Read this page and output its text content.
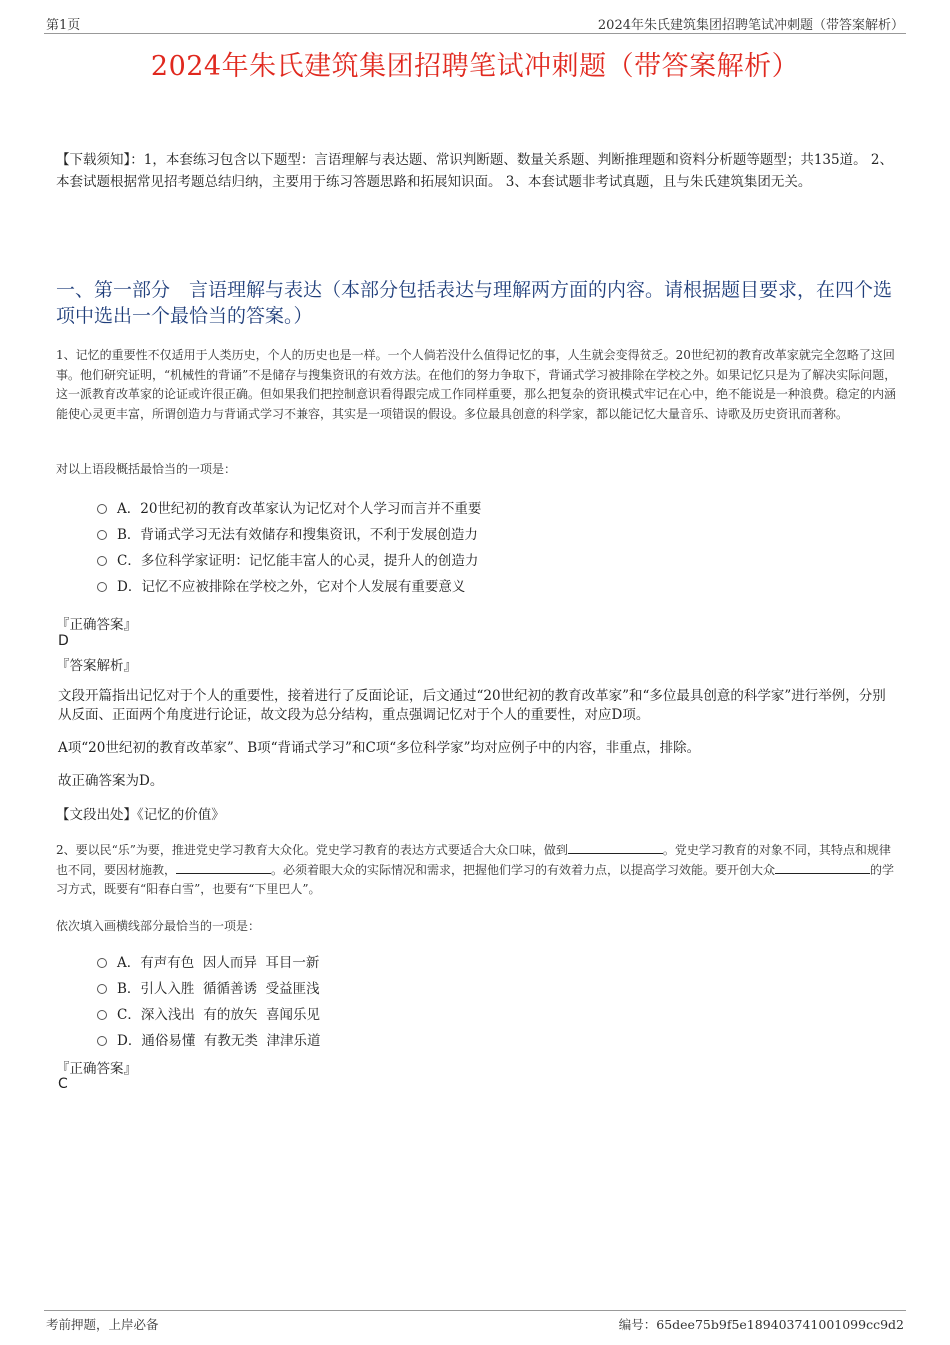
第1页	2024年朱氏建筑集团招聘笔试冲刺题（带答案解析）
2024年朱氏建筑集团招聘笔试冲刺题（带答案解析）
【下载须知】：1，本套练习包含以下题型：言语理解与表达题、常识判断题、数量关系题、判断推理题和资料分析题等题型；共135道。 2、本套试题根据常见招考题总结归纳，主要用于练习答题思路和拓展知识面。 3、本套试题非考试真题，且与朱氏建筑集团无关。
一、第一部分　言语理解与表达（本部分包括表达与理解两方面的内容。请根据题目要求，在四个选项中选出一个最恰当的答案。）
1、记忆的重要性不仅适用于人类历史，个人的历史也是一样。一个人倘若没什么值得记忆的事，人生就会变得贫乏。20世纪初的教育改革家就完全忽略了这回事。他们研究证明，“机械性的背诵”不是储存与搜集资讯的有效方法。在他们的努力争取下，背诵式学习被排除在学校之外。如果记忆只是为了解决实际问题，这一派教育改革家的论证或许很正确。但如果我们把控制意识看得跟完成工作同样重要，那么把复杂的资讯模式牢记在心中，绝不能说是一种浪费。稳定的内涵能使心灵更丰富，所谓创造力与背诵式学习不兼容，其实是一项错误的假设。多位最具创意的科学家，都以能记忆大量音乐、诗歌及历史资讯而著称。
对以上语段概括最恰当的一项是：
A．20世纪初的教育改革家认为记忆对个人学习而言并不重要
B．背诵式学习无法有效储存和搜集资讯，不利于发展创造力
C．多位科学家证明：记忆能丰富人的心灵，提升人的创造力
D．记忆不应被排除在学校之外，它对个人发展有重要意义
『正确答案』
D
『答案解析』
文段开篇指出记忆对于个人的重要性，接着进行了反面论证，后文通过“20世纪初的教育改革家”和“多位最具创意的科学家”进行举例，分别从反面、正面两个角度进行论证，故文段为总分结构，重点强调记忆对于个人的重要性，对应D项。
A项“20世纪初的教育改革家”、B项“背诵式学习”和C项“多位科学家”均对应例子中的内容，非重点，排除。
故正确答案为D。
【文段出处】《记忆的价值》
2、要以民“乐”为要，推进党史学习教育大众化。党史学习教育的表达方式要适合大众口味，做到	。党史学习教育的对象不同，其特点和规律也不同，要因材施教，	。必须着眼大众的实际情况和需求，把握他们学习的有效着力点，以提高学习效能。要开创大众	的学习方式，既要有“阳春白雪”，也要有“下里巴人”。
依次填入画横线部分最恰当的一项是：
A．有声有色  因人而异  耳目一新
B．引人入胜  循循善诱  受益匪浅
C．深入浅出  有的放矢  喜闻乐见
D．通俗易懂  有教无类  津津乐道
『正确答案』
C
考前押题，上岸必备	编号：65dee75b9f5e189403741001099cc9d2
